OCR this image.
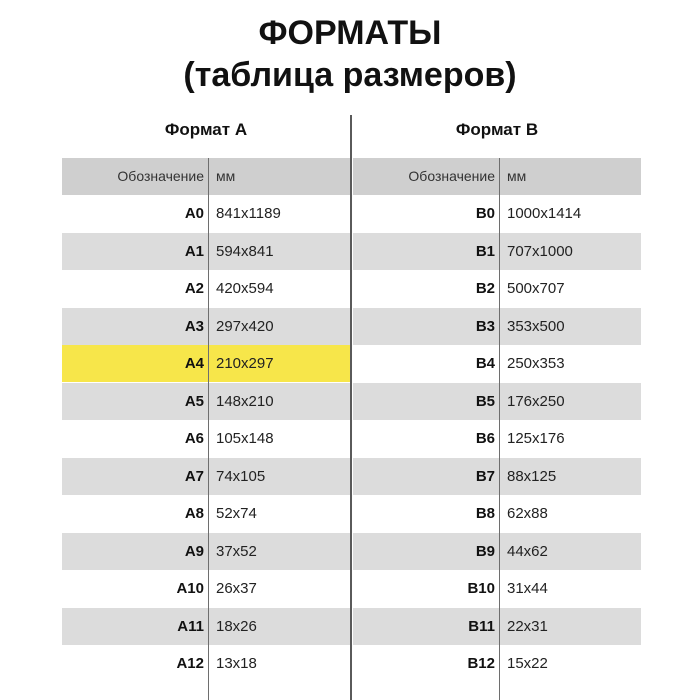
ФОРМАТЫ
(таблица размеров)
Формат А
Обозначение мм
А0 841x1189
А1 594x841
А2 420x594
А3 297x420
А4 210x297
А5 148x210
А6 105x148
А7 74x105
А8 52x74
А9 37x52
А10 26x37
А11 18x26
А12 13x18
Формат В
Обозначение мм
В0 1000x1414
В1 707x1000
В2 500x707
В3 353x500
В4 250x353
В5 176x250
В6 125x176
В7 88x125
В8 62x88
В9 44x62
В10 31x44
В11 22x31
В12 15x22
